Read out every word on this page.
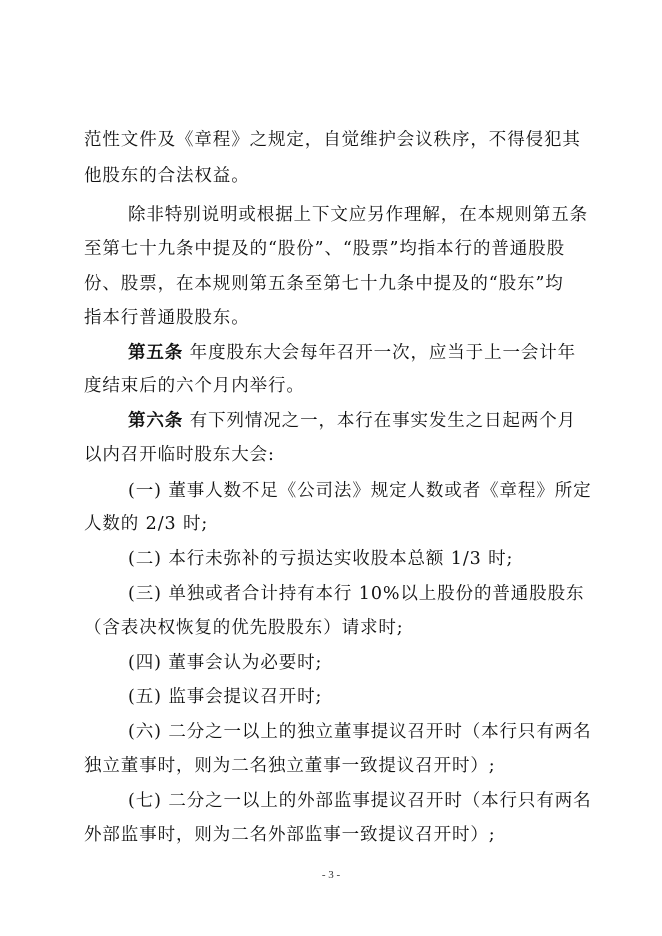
范性文件及《章程》之规定，自觉维护会议秩序，不得侵犯其
他股东的合法权益。
除非特别说明或根据上下文应另作理解，在本规则第五条
至第七十九条中提及的“股份”、“股票”均指本行的普通股股
份、股票，在本规则第五条至第七十九条中提及的“股东”均
指本行普通股股东。
第五条 年度股东大会每年召开一次，应当于上一会计年
度结束后的六个月内举行。
第六条 有下列情况之一，本行在事实发生之日起两个月
以内召开临时股东大会:
(一) 董事人数不足《公司法》规定人数或者《章程》所定
人数的 2/3 时;
(二) 本行未弥补的亏损达实收股本总额 1/3 时;
(三) 单独或者合计持有本行 10%以上股份的普通股股东
（含表决权恢复的优先股股东）请求时;
(四) 董事会认为必要时;
(五) 监事会提议召开时;
(六) 二分之一以上的独立董事提议召开时（本行只有两名
独立董事时，则为二名独立董事一致提议召开时）;
(七) 二分之一以上的外部监事提议召开时（本行只有两名
外部监事时，则为二名外部监事一致提议召开时）;
- 3 -
